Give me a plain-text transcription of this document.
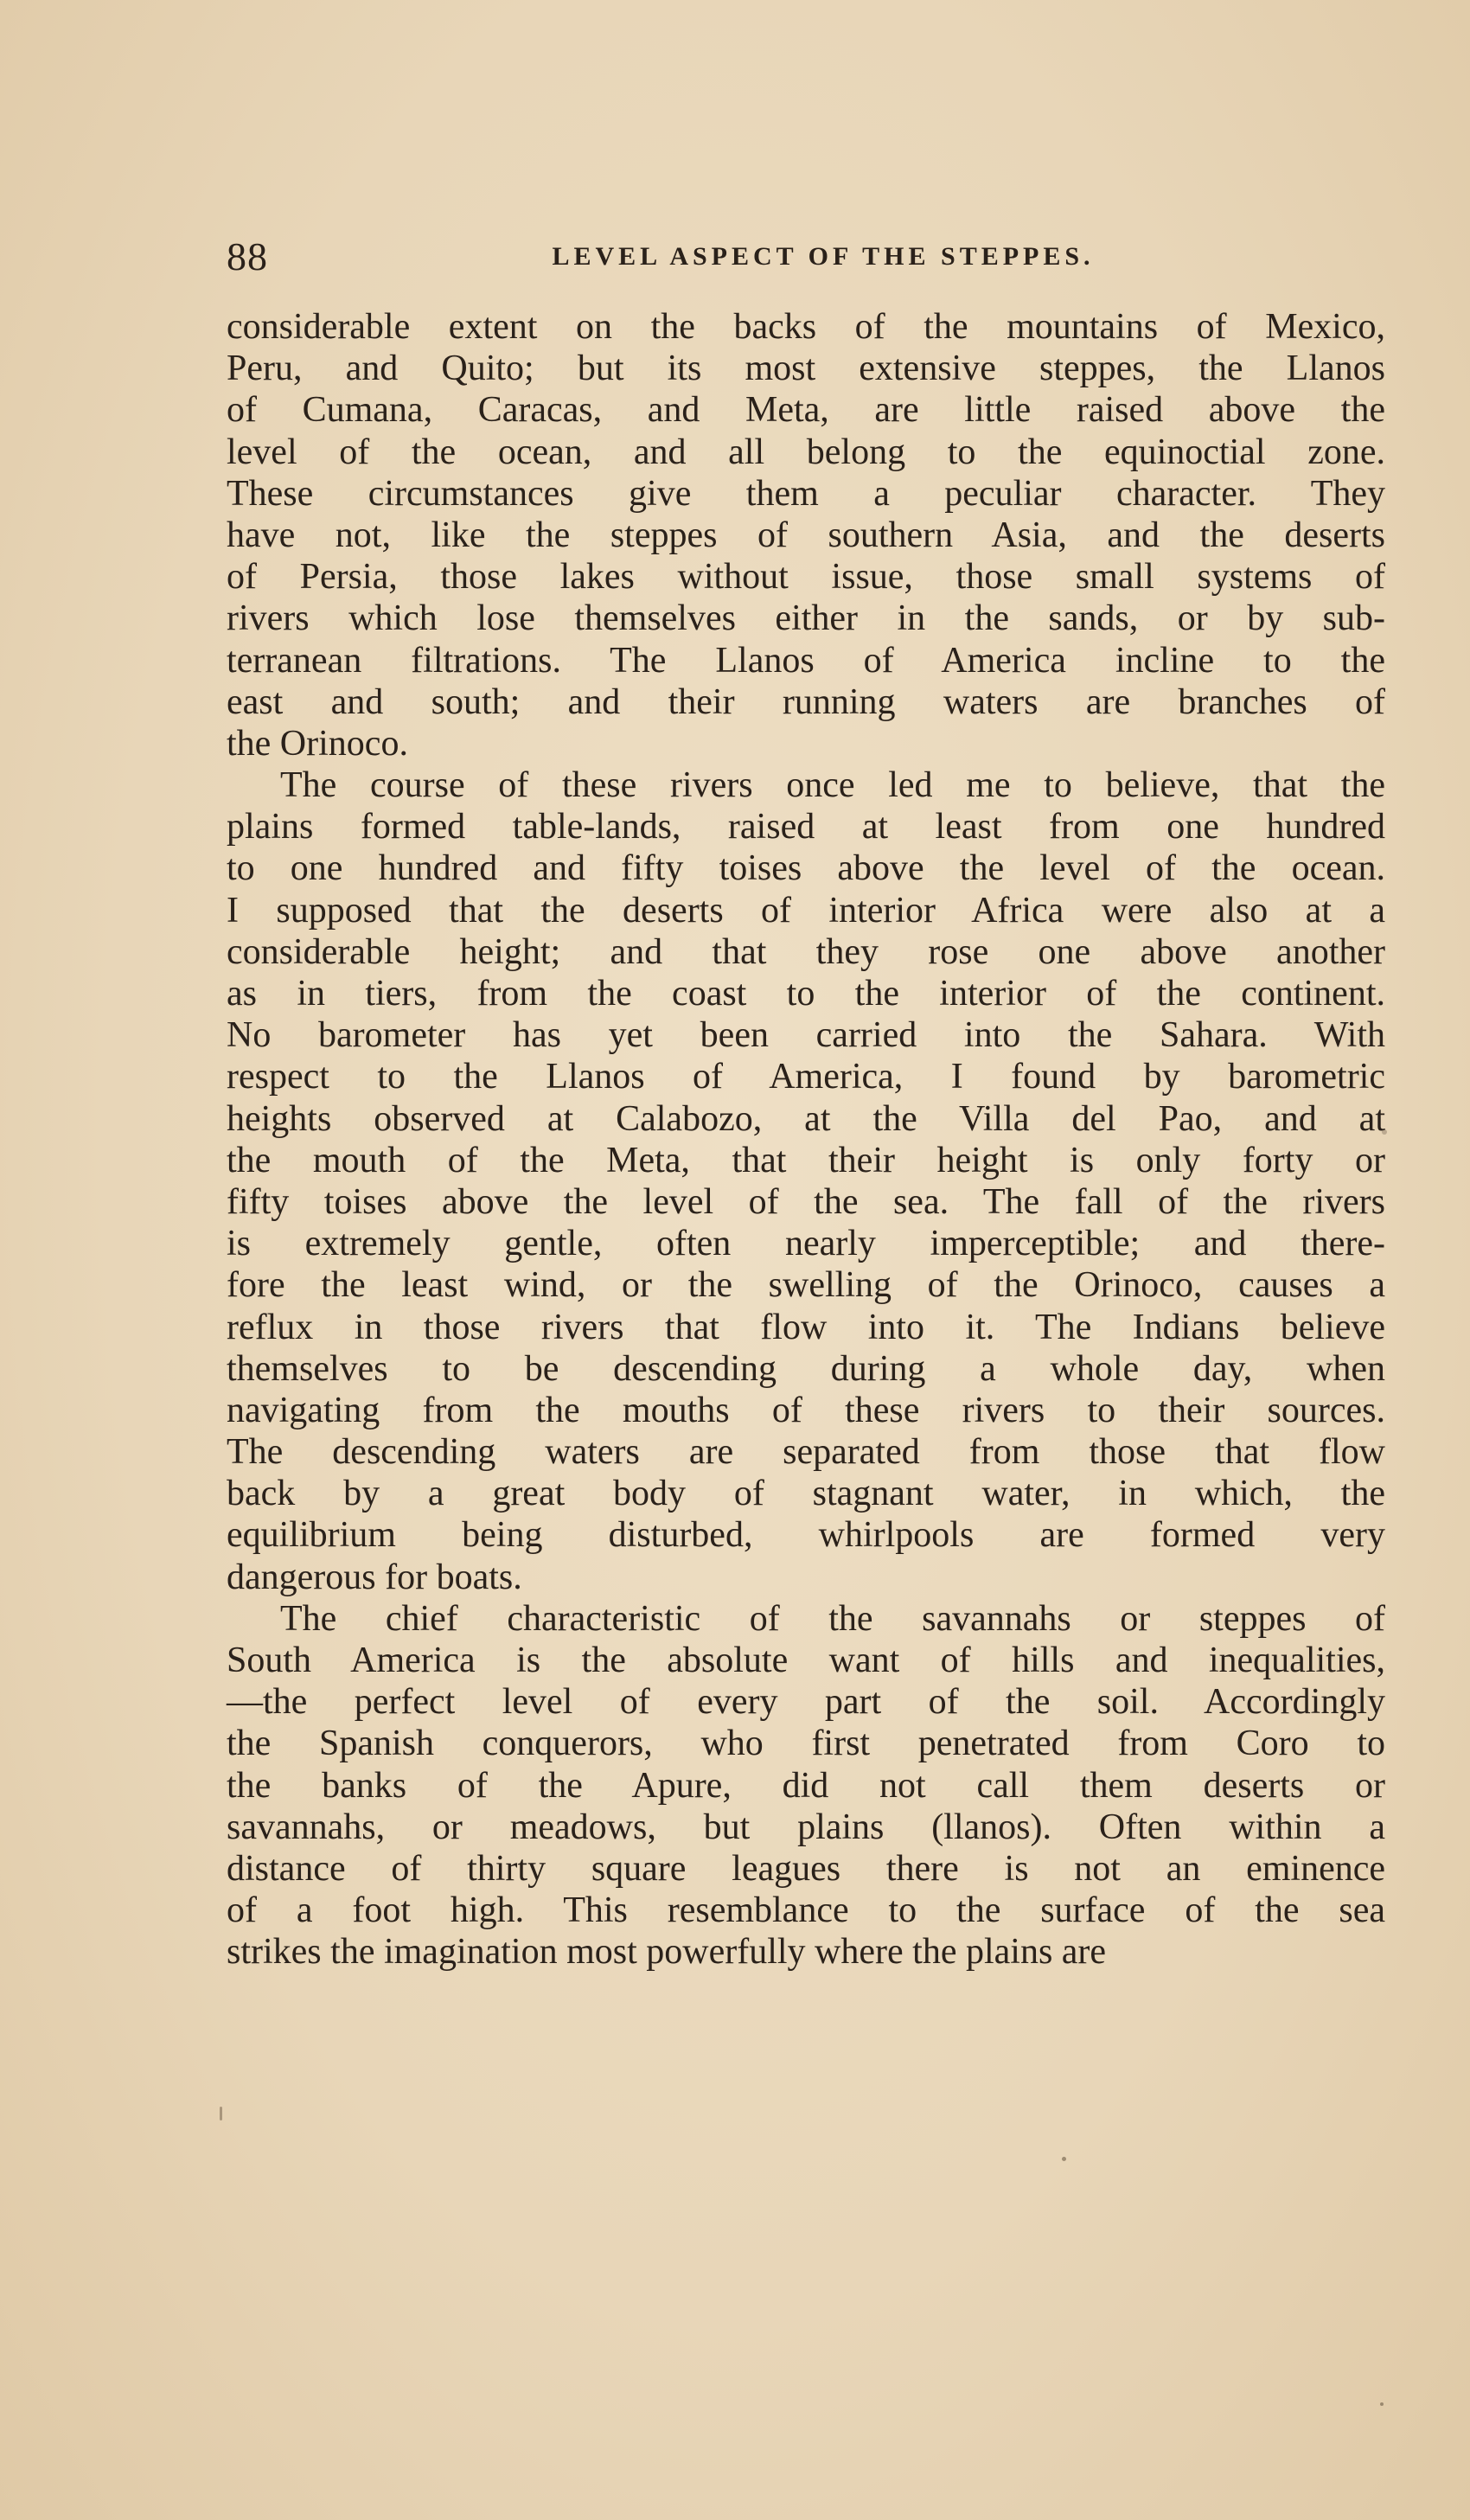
88	LEVEL ASPECT OF THE STEPPES.
considerable extent on the backs of the mountains of Mexico,
Peru, and Quito; but its most extensive steppes, the Llanos
of Cumana, Caracas, and Meta, are little raised above the
level of the ocean, and all belong to the equinoctial zone.
These circumstances give them a peculiar character. They
have not, like the steppes of southern Asia, and the deserts
of Persia, those lakes without issue, those small systems of
rivers which lose themselves either in the sands, or by sub-
terranean filtrations. The Llanos of America incline to the
east and south; and their running waters are branches of
the Orinoco.
The course of these rivers once led me to believe, that the
plains formed table-lands, raised at least from one hundred
to one hundred and fifty toises above the level of the ocean.
I supposed that the deserts of interior Africa were also at a
considerable height; and that they rose one above another
as in tiers, from the coast to the interior of the continent.
No barometer has yet been carried into the Sahara. With
respect to the Llanos of America, I found by barometric
heights observed at Calabozo, at the Villa del Pao, and at
the mouth of the Meta, that their height is only forty or
fifty toises above the level of the sea. The fall of the rivers
is extremely gentle, often nearly imperceptible; and there-
fore the least wind, or the swelling of the Orinoco, causes a
reflux in those rivers that flow into it. The Indians believe
themselves to be descending during a whole day, when
navigating from the mouths of these rivers to their sources.
The descending waters are separated from those that flow
back by a great body of stagnant water, in which, the
equilibrium being disturbed, whirlpools are formed very
dangerous for boats.
The chief characteristic of the savannahs or steppes of
South America is the absolute want of hills and inequalities,
—the perfect level of every part of the soil. Accordingly
the Spanish conquerors, who first penetrated from Coro to
the banks of the Apure, did not call them deserts or
savannahs, or meadows, but plains (llanos). Often within a
distance of thirty square leagues there is not an eminence
of a foot high. This resemblance to the surface of the sea
strikes the imagination most powerfully where the plains are
